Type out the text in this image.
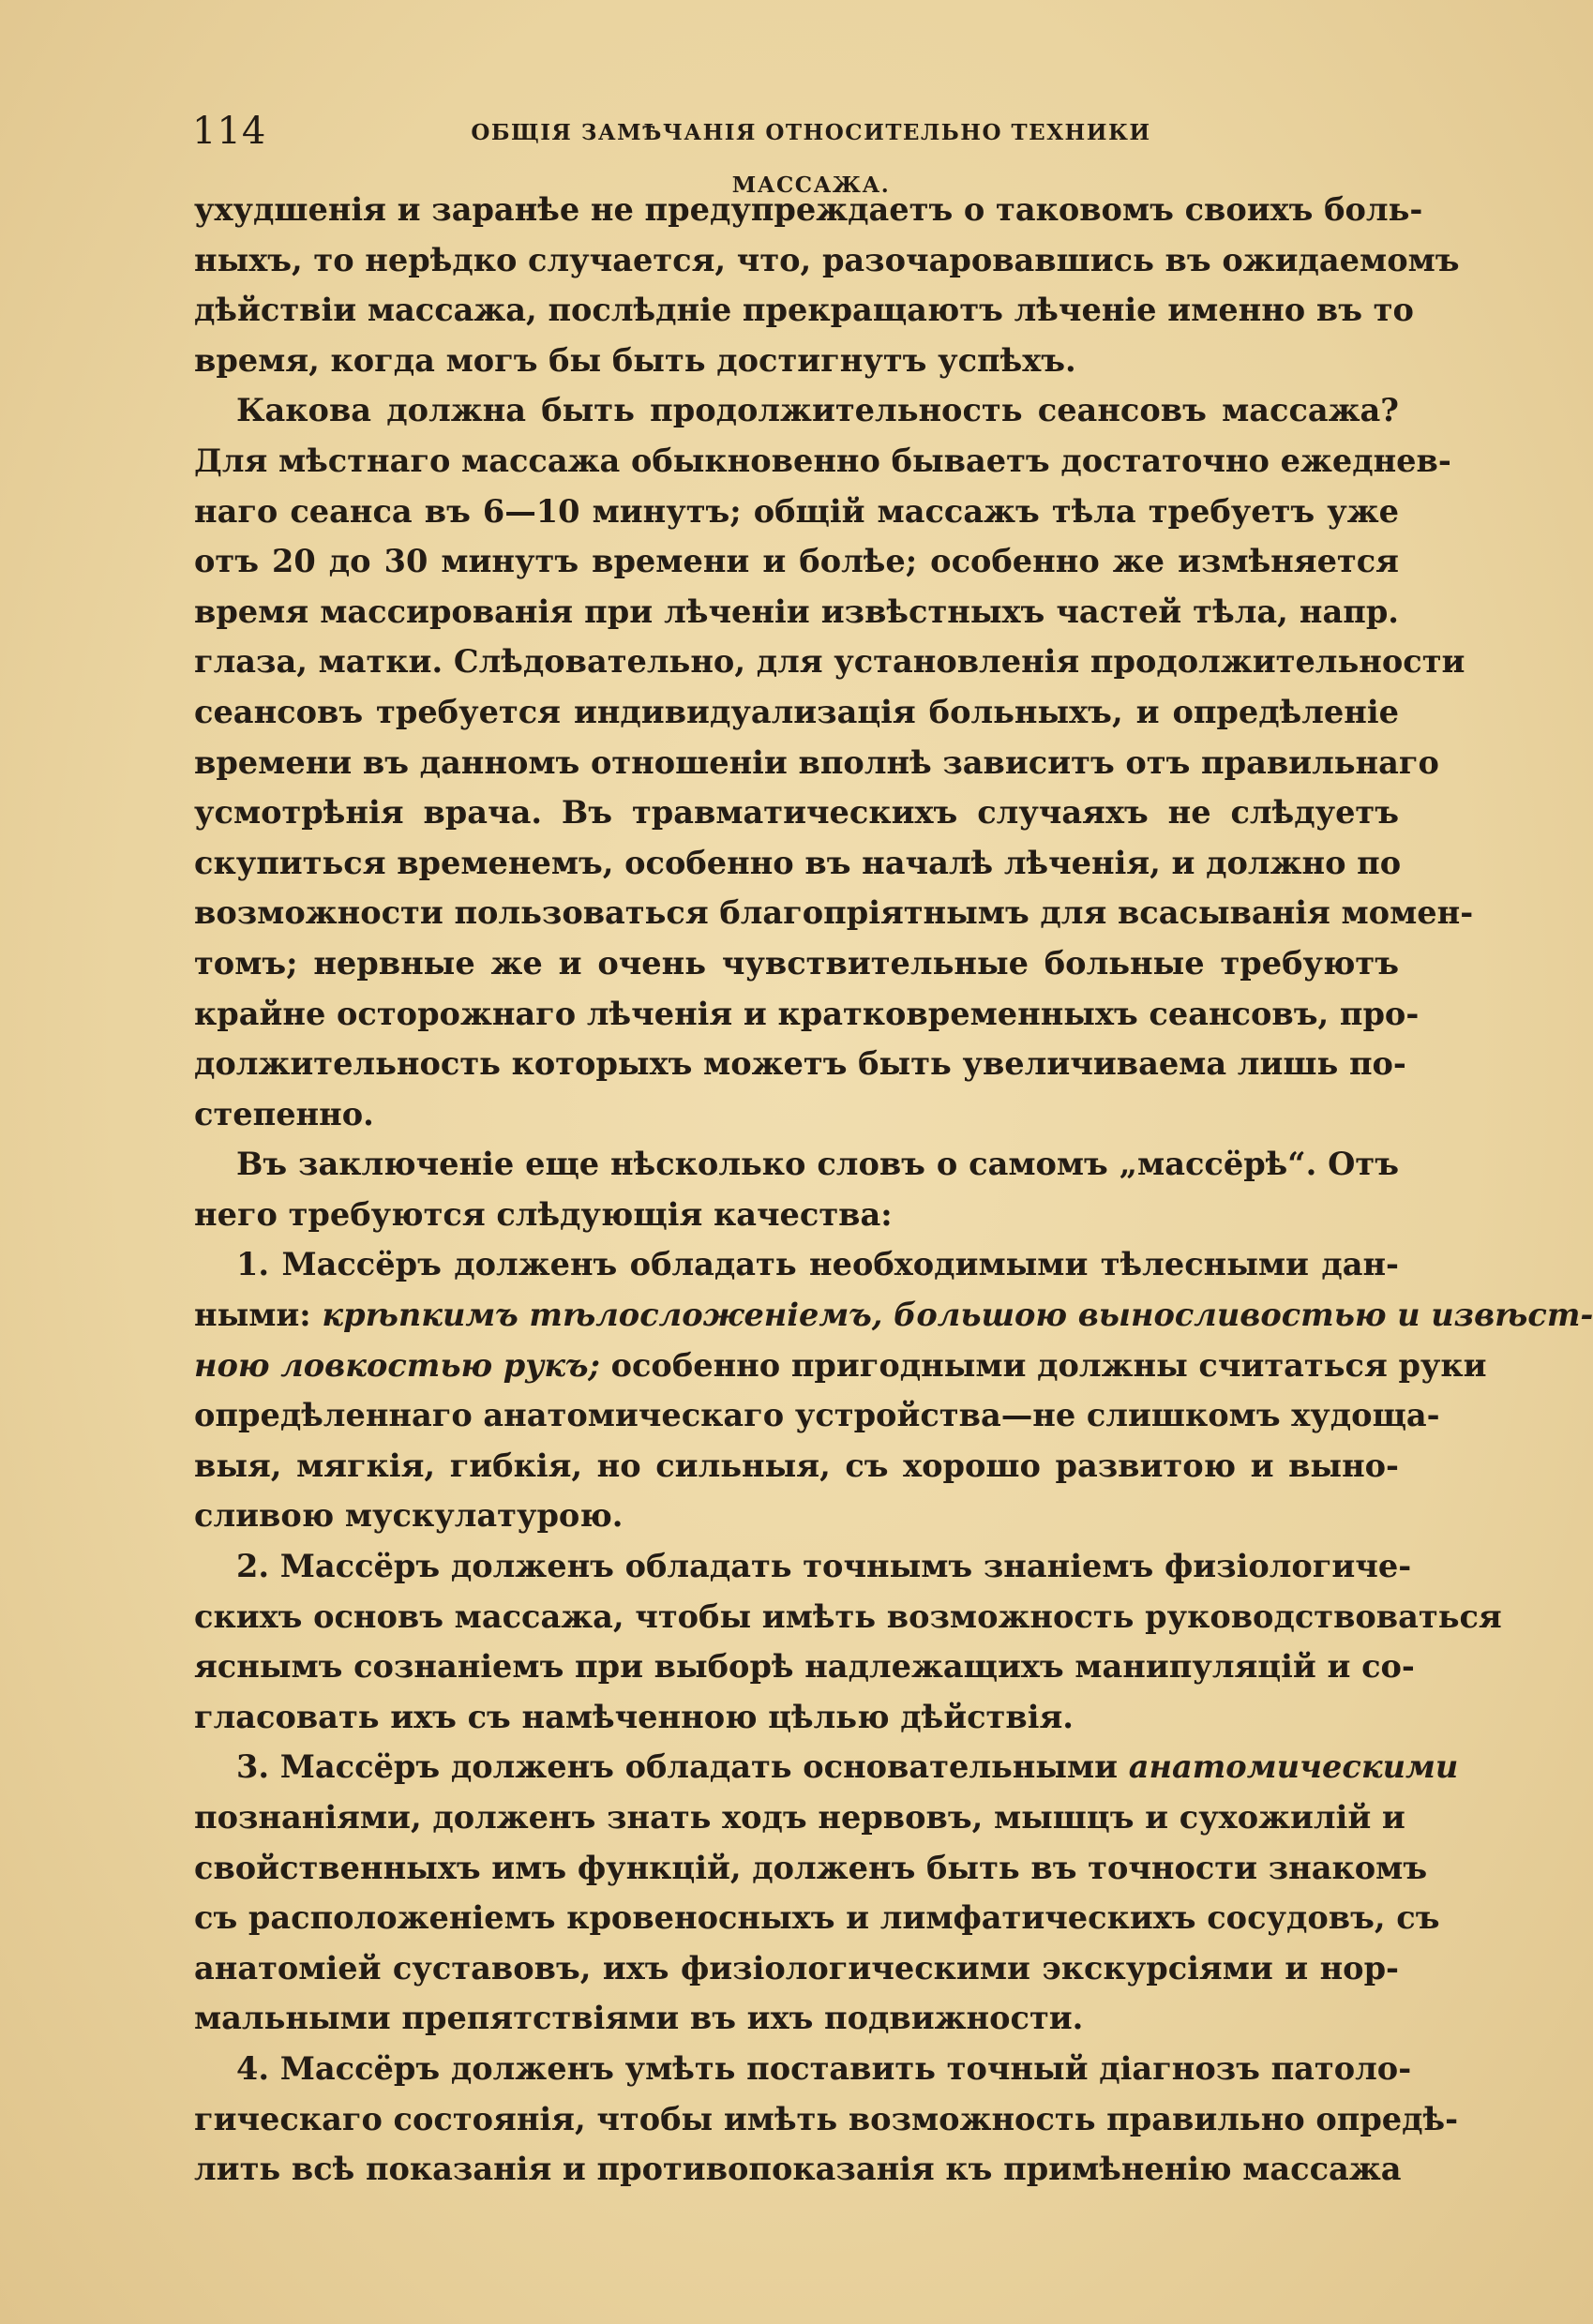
114	ОБЩІЯ ЗАМѢЧАНІЯ ОТНОСИТЕЛЬНО ТЕХНИКИ МАССАЖА.
ухудшенія и заранѣе не предупреждаетъ о таковомъ своихъ боль-
ныхъ, то нерѣдко случается, что, разочаровавшись въ ожидаемомъ
дѣйствіи массажа, послѣдніе прекращаютъ лѣченіе именно въ то
время, когда могъ бы быть достигнутъ успѣхъ.
Какова должна быть продолжительность сеансовъ массажа?
Для мѣстнаго массажа обыкновенно бываетъ достаточно ежеднев-
наго сеанса въ 6—10 минутъ; общій массажъ тѣла требуетъ уже
отъ 20 до 30 минутъ времени и болѣе; особенно же измѣняется
время массированія при лѣченіи извѣстныхъ частей тѣла, напр.
глаза, матки. Слѣдовательно, для установленія продолжительности
сеансовъ требуется индивидуализація больныхъ, и опредѣленіе
времени въ данномъ отношеніи вполнѣ зависитъ отъ правильнаго
усмотрѣнія врача. Въ травматическихъ случаяхъ не слѣдуетъ
скупиться временемъ, особенно въ началѣ лѣченія, и должно по
возможности пользоваться благопріятнымъ для всасыванія момен-
томъ; нервные же и очень чувствительные больные требуютъ
крайне осторожнаго лѣченія и кратковременныхъ сеансовъ, про-
должительность которыхъ можетъ быть увеличиваема лишь по-
степенно.
Въ заключеніе еще нѣсколько словъ о самомъ „массёрѣ“. Отъ
него требуются слѣдующія качества:
1. Массёръ долженъ обладать необходимыми тѣлесными дан-
ными: крѣпкимъ тѣлосложеніемъ, большою выносливостью и извѣст-
ною ловкостью рукъ; особенно пригодными должны считаться руки
опредѣленнаго анатомическаго устройства—не слишкомъ худоща-
выя, мягкія, гибкія, но сильныя, съ хорошо развитою и выно-
сливою мускулатурою.
2. Массёръ долженъ обладать точнымъ знаніемъ физіологиче-
скихъ основъ массажа, чтобы имѣть возможность руководствоваться
яснымъ сознаніемъ при выборѣ надлежащихъ манипуляцій и со-
гласовать ихъ съ намѣченною цѣлью дѣйствія.
3. Массёръ долженъ обладать основательными анатомическими
познаніями, долженъ знать ходъ нервовъ, мышцъ и сухожилій и
свойственныхъ имъ функцій, долженъ быть въ точности знакомъ
съ расположеніемъ кровеносныхъ и лимфатическихъ сосудовъ, съ
анатоміей суставовъ, ихъ физіологическими экскурсіями и нор-
мальными препятствіями въ ихъ подвижности.
4. Массёръ долженъ умѣть поставить точный діагнозъ патоло-
гическаго состоянія, чтобы имѣть возможность правильно опредѣ-
лить всѣ показанія и противопоказанія къ примѣненію массажа
